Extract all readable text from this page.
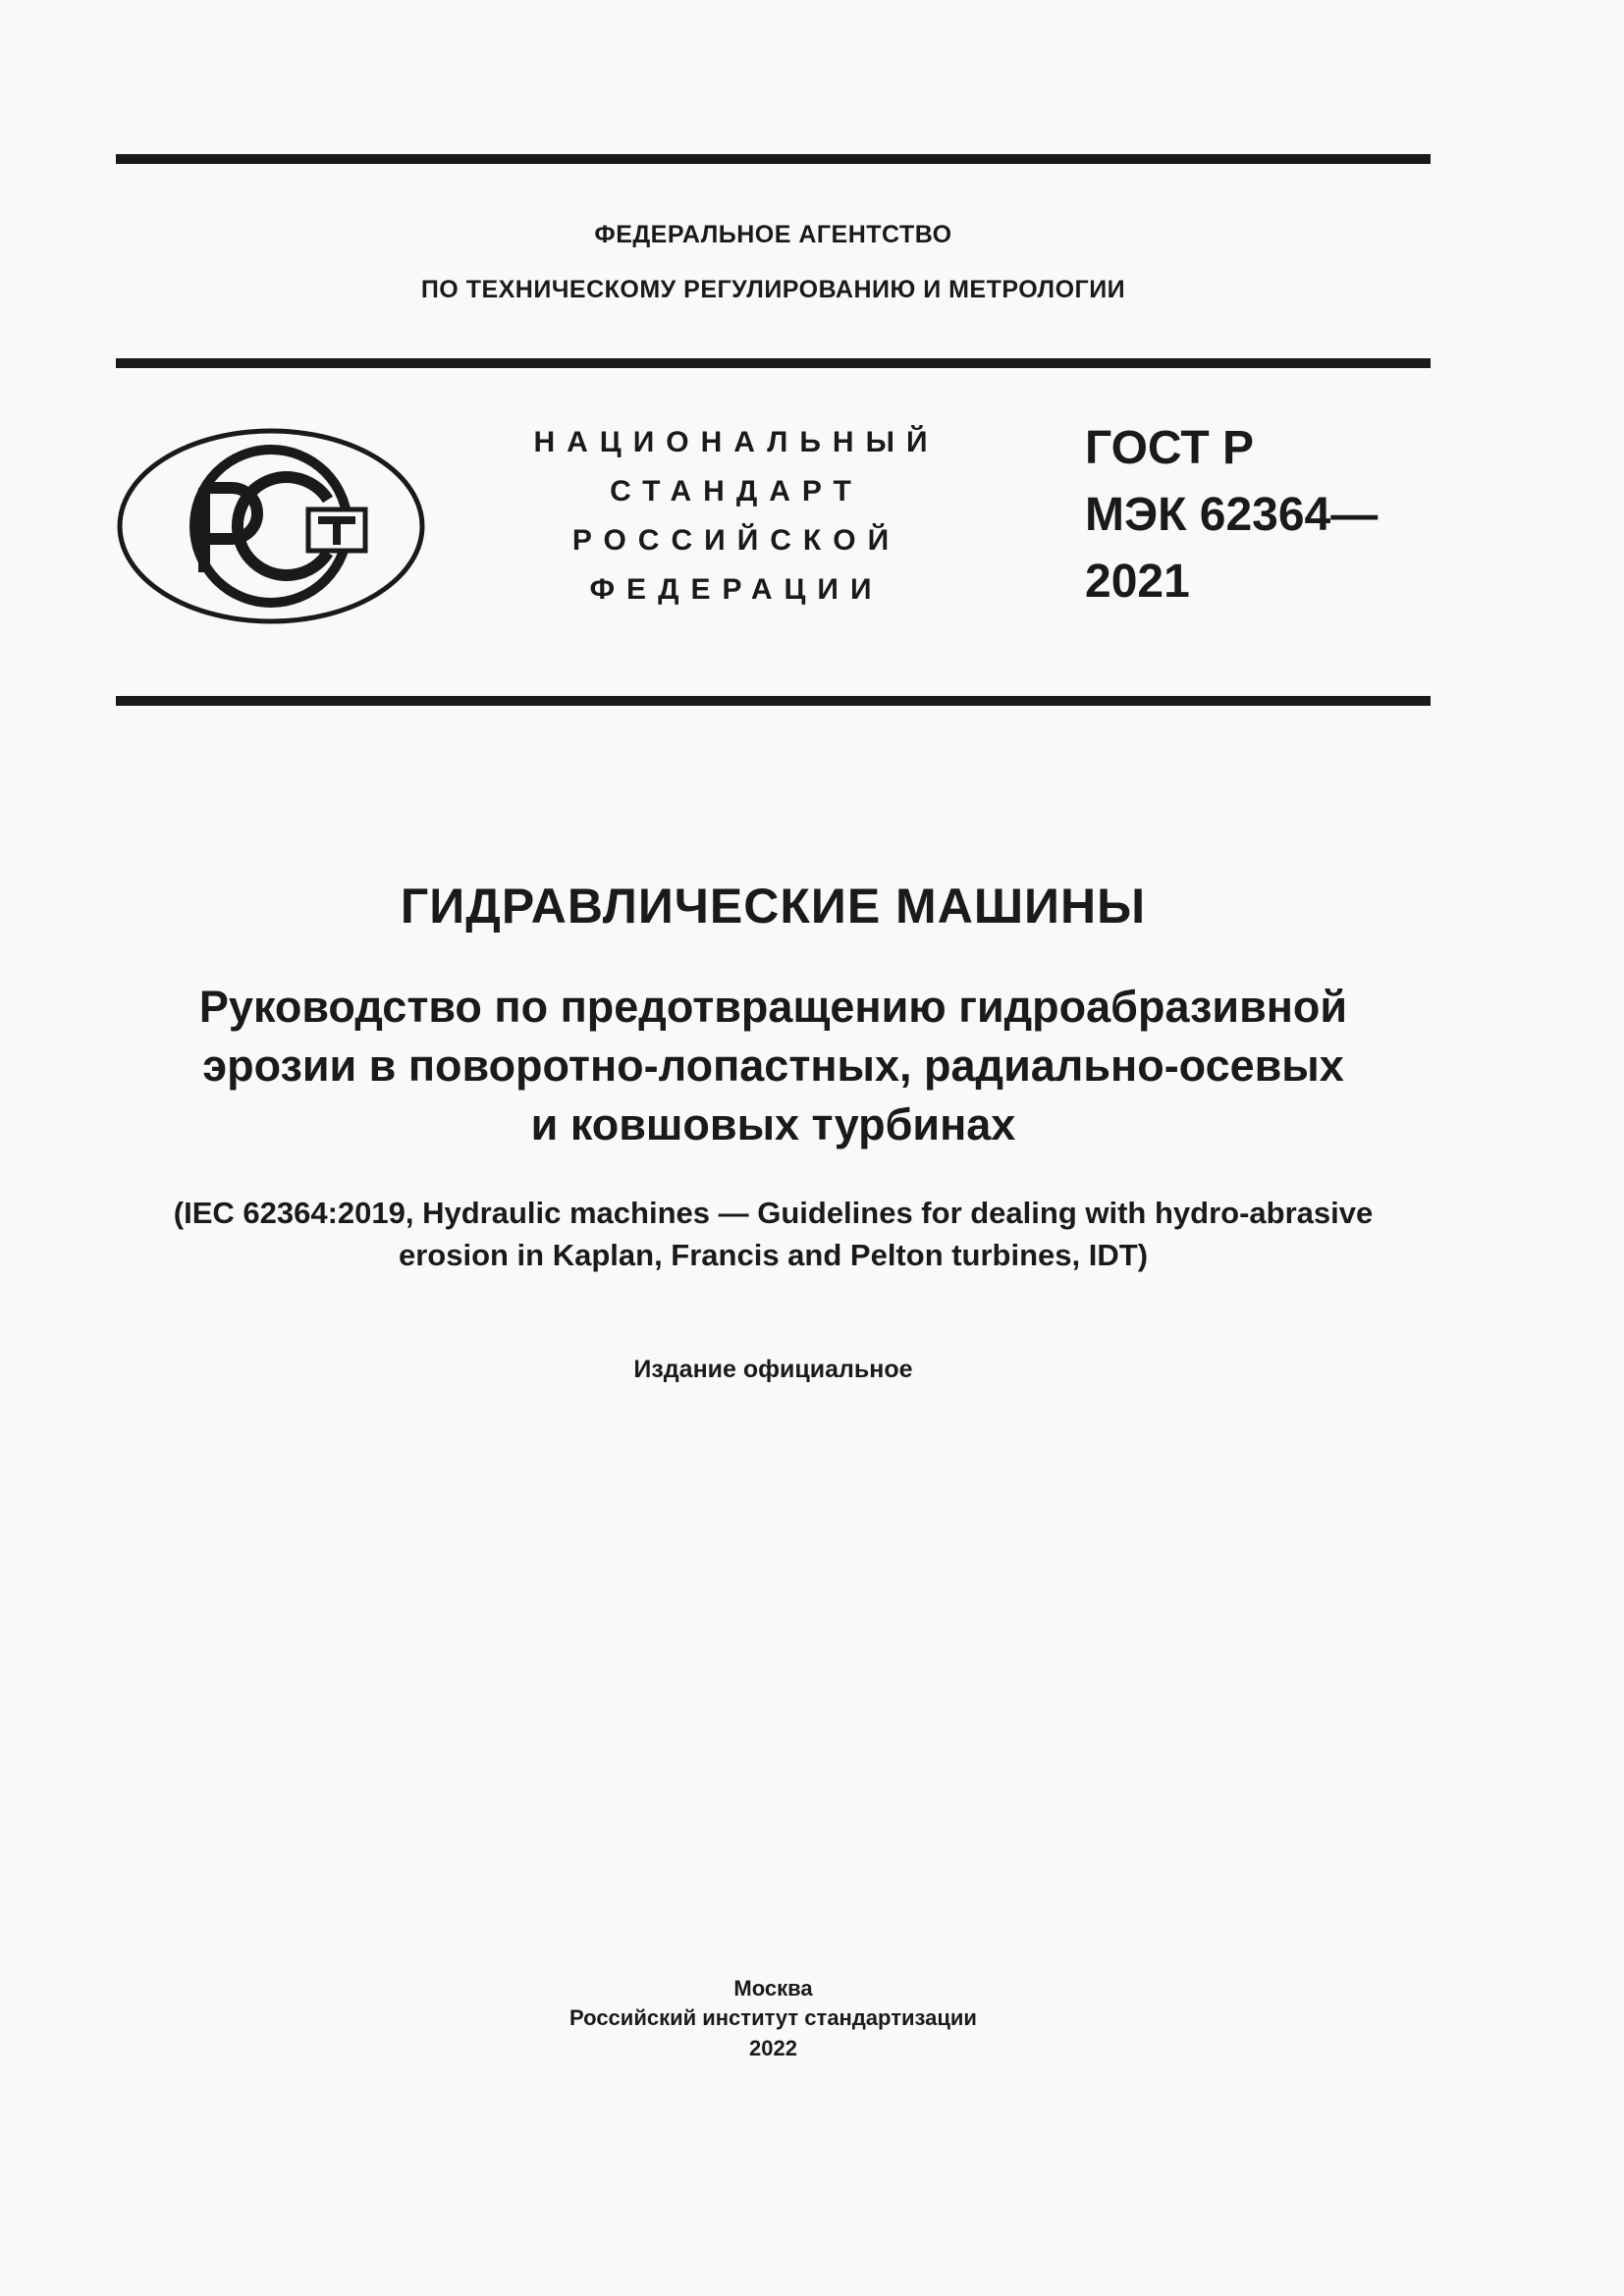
ФЕДЕРАЛЬНОЕ АГЕНТСТВО
ПО ТЕХНИЧЕСКОМУ РЕГУЛИРОВАНИЮ И МЕТРОЛОГИИ
НАЦИОНАЛЬНЫЙ
СТАНДАРТ
РОССИЙСКОЙ
ФЕДЕРАЦИИ
ГОСТ Р
МЭК 62364—
2021
ГИДРАВЛИЧЕСКИЕ МАШИНЫ
Руководство по предотвращению гидроабразивной
эрозии в поворотно-лопастных, радиально-осевых
и ковшовых турбинах
(IEC 62364:2019, Hydraulic machines — Guidelines for dealing with hydro-abrasive
erosion in Kaplan, Francis and Pelton turbines, IDT)
Издание официальное
Москва
Российский институт стандартизации
2022
